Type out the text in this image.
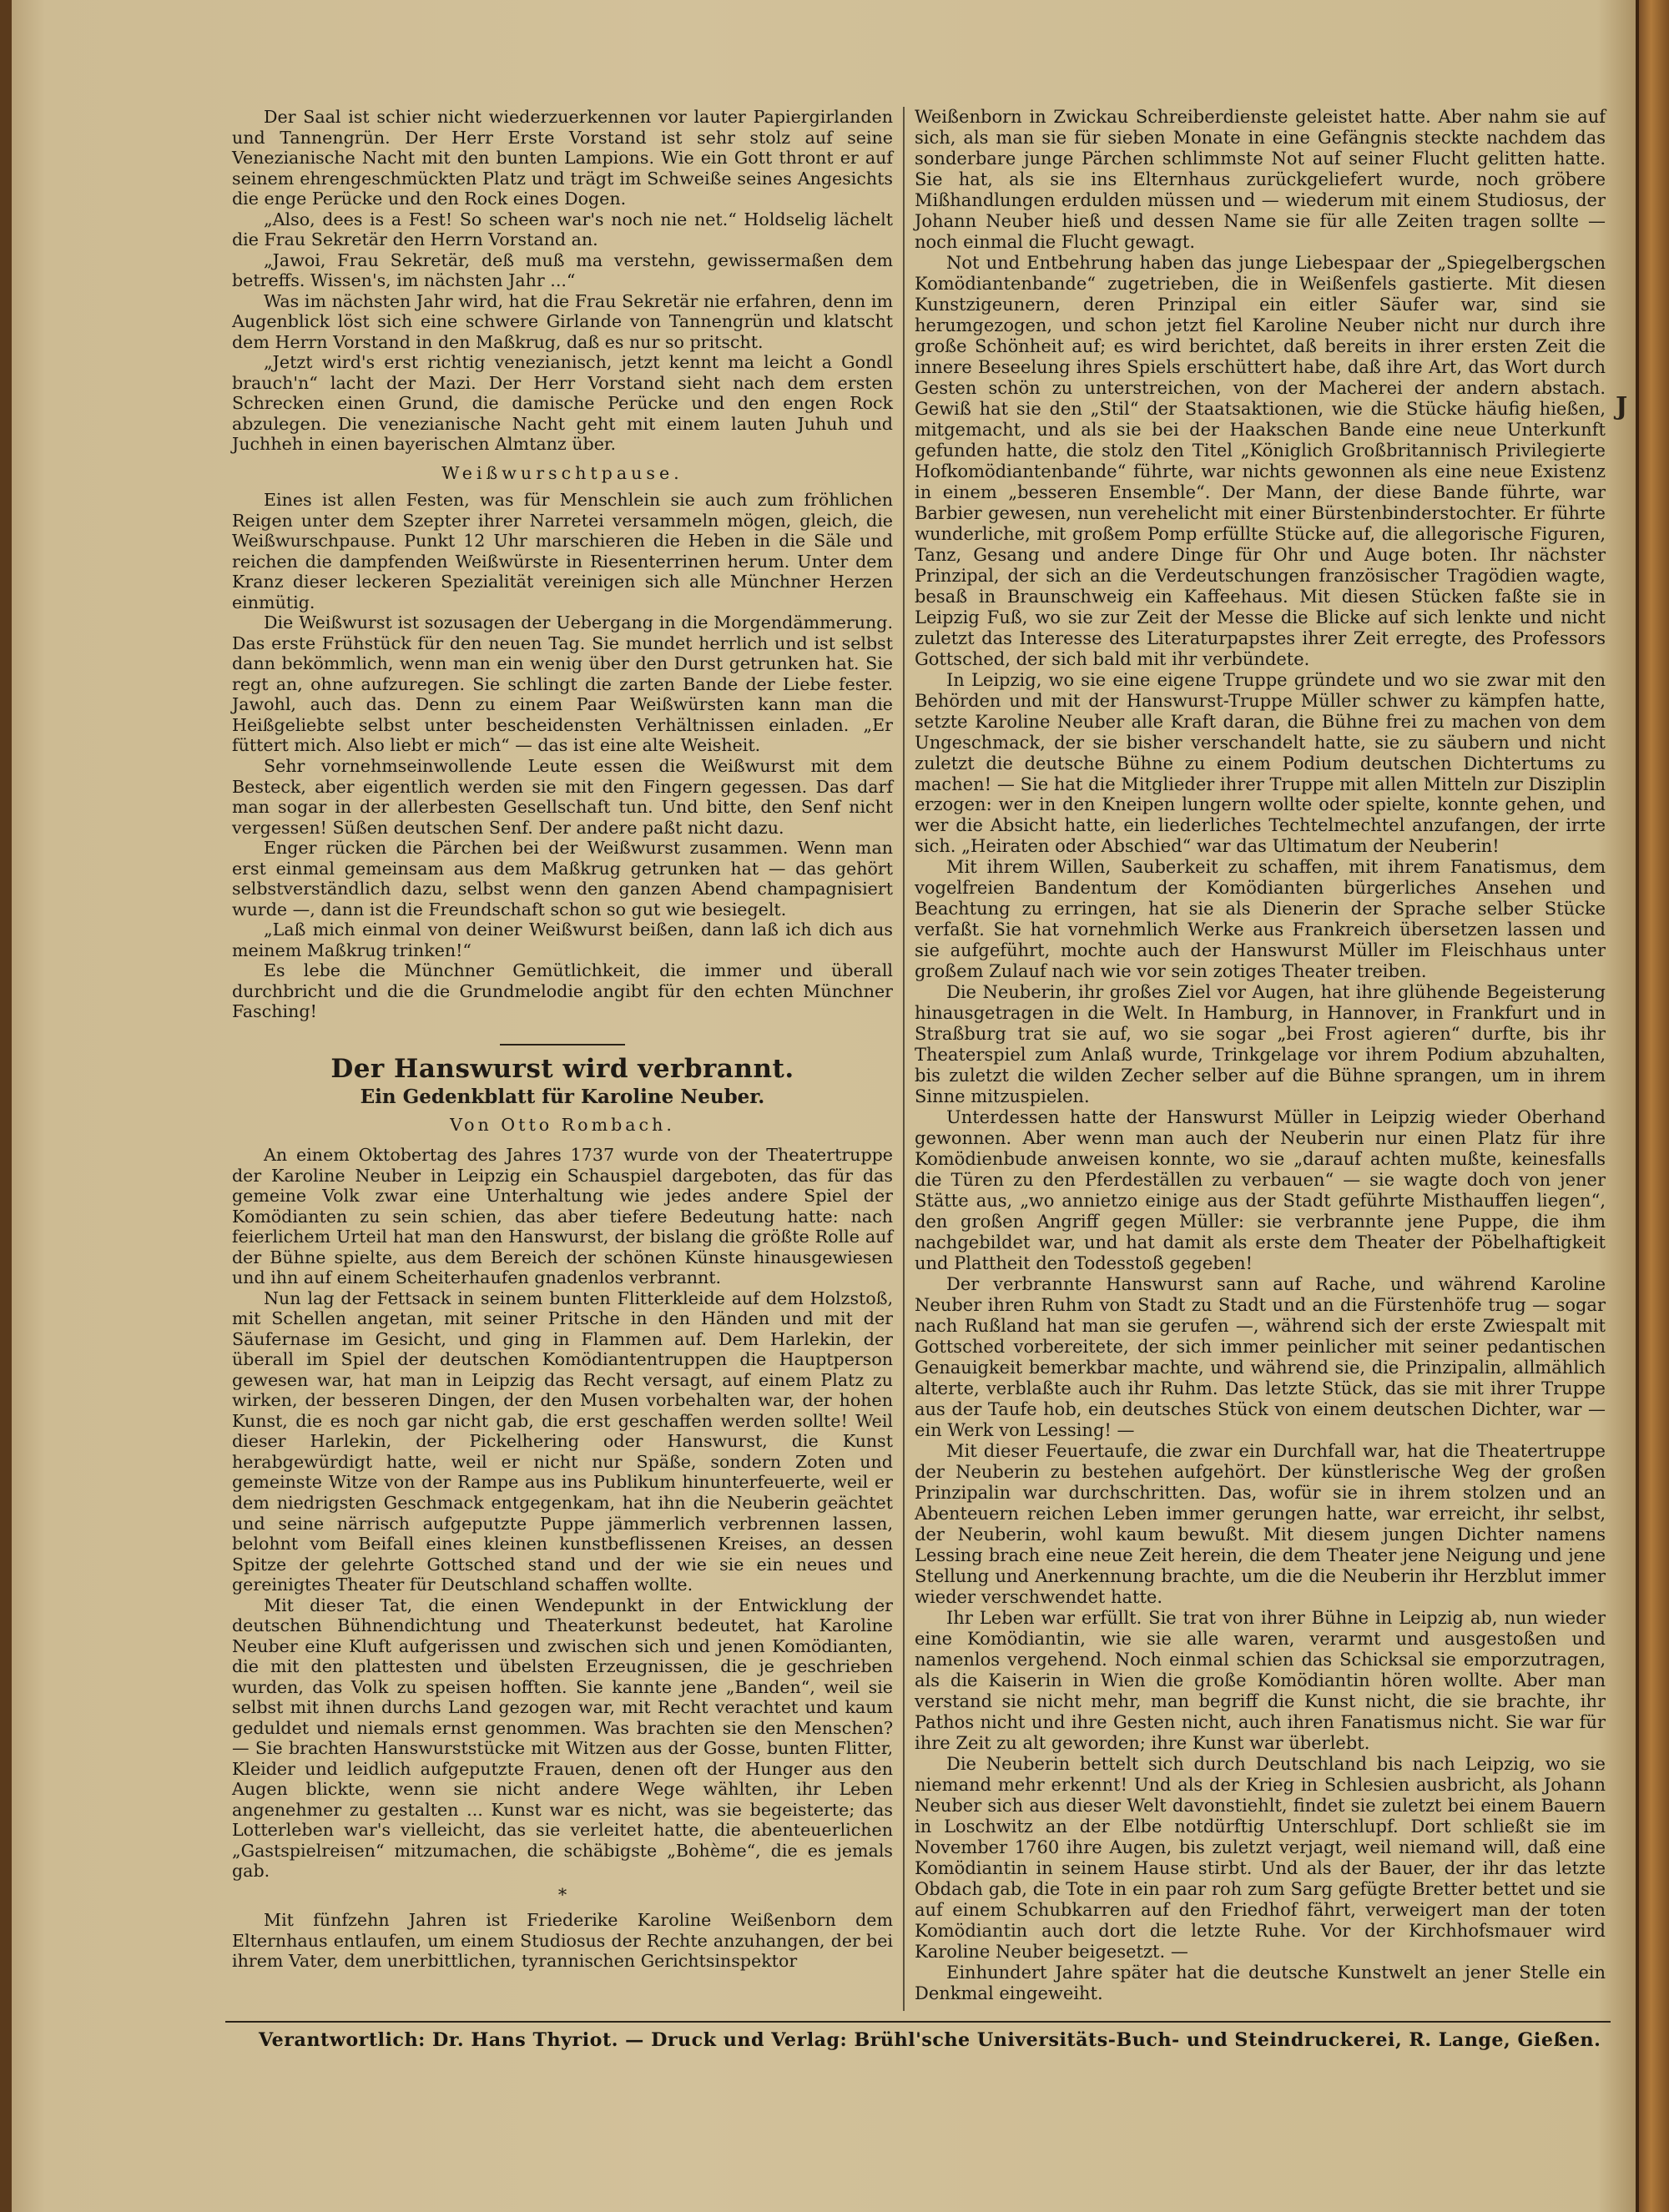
J

Der Saal ist schier nicht wiederzuerkennen vor lauter Papiergirlanden und Tannengrün. Der Herr Erste Vorstand ist sehr stolz auf seine Venezianische Nacht mit den bunten Lampions. Wie ein Gott thront er auf seinem ehrengeschmückten Platz und trägt im Schweiße seines Angesichts die enge Perücke und den Rock eines Dogen.

„Also, dees is a Fest! So scheen war's noch nie net.“ Holdselig lächelt die Frau Sekretär den Herrn Vorstand an.

„Jawoi, Frau Sekretär, deß muß ma verstehn, gewissermaßen dem betreffs. Wissen's, im nächsten Jahr ...“

Was im nächsten Jahr wird, hat die Frau Sekretär nie erfahren, denn im Augenblick löst sich eine schwere Girlande von Tannengrün und klatscht dem Herrn Vorstand in den Maßkrug, daß es nur so pritscht.

„Jetzt wird's erst richtig venezianisch, jetzt kennt ma leicht a Gondl brauch'n“ lacht der Mazi. Der Herr Vorstand sieht nach dem ersten Schrecken einen Grund, die damische Perücke und den engen Rock abzulegen. Die venezianische Nacht geht mit einem lauten Juhuh und Juchheh in einen bayerischen Almtanz über.

Weißwurschtpause.

Eines ist allen Festen, was für Menschlein sie auch zum fröhlichen Reigen unter dem Szepter ihrer Narretei versammeln mögen, gleich, die Weißwurschpause. Punkt 12 Uhr marschieren die Heben in die Säle und reichen die dampfenden Weißwürste in Riesenterrinen herum. Unter dem Kranz dieser leckeren Spezialität vereinigen sich alle Münchner Herzen einmütig.

Die Weißwurst ist sozusagen der Uebergang in die Morgendämmerung. Das erste Frühstück für den neuen Tag. Sie mundet herrlich und ist selbst dann bekömmlich, wenn man ein wenig über den Durst getrunken hat. Sie regt an, ohne aufzuregen. Sie schlingt die zarten Bande der Liebe fester. Jawohl, auch das. Denn zu einem Paar Weißwürsten kann man die Heißgeliebte selbst unter bescheidensten Verhältnissen einladen. „Er füttert mich. Also liebt er mich“ — das ist eine alte Weisheit.

Sehr vornehmseinwollende Leute essen die Weißwurst mit dem Besteck, aber eigentlich werden sie mit den Fingern gegessen. Das darf man sogar in der allerbesten Gesellschaft tun. Und bitte, den Senf nicht vergessen! Süßen deutschen Senf. Der andere paßt nicht dazu.

Enger rücken die Pärchen bei der Weißwurst zusammen. Wenn man erst einmal gemeinsam aus dem Maßkrug getrunken hat — das gehört selbstverständlich dazu, selbst wenn den ganzen Abend champagnisiert wurde —, dann ist die Freundschaft schon so gut wie besiegelt.

„Laß mich einmal von deiner Weißwurst beißen, dann laß ich dich aus meinem Maßkrug trinken!“

Es lebe die Münchner Gemütlichkeit, die immer und überall durchbricht und die die Grundmelodie angibt für den echten Münchner Fasching!

Der Hanswurst wird verbrannt.

Ein Gedenkblatt für Karoline Neuber.

Von Otto Rombach.

An einem Oktobertag des Jahres 1737 wurde von der Theatertruppe der Karoline Neuber in Leipzig ein Schauspiel dargeboten, das für das gemeine Volk zwar eine Unterhaltung wie jedes andere Spiel der Komödianten zu sein schien, das aber tiefere Bedeutung hatte: nach feierlichem Urteil hat man den Hanswurst, der bislang die größte Rolle auf der Bühne spielte, aus dem Bereich der schönen Künste hinausgewiesen und ihn auf einem Scheiterhaufen gnadenlos verbrannt.

Nun lag der Fettsack in seinem bunten Flitterkleide auf dem Holzstoß, mit Schellen angetan, mit seiner Pritsche in den Händen und mit der Säufernase im Gesicht, und ging in Flammen auf. Dem Harlekin, der überall im Spiel der deutschen Komödiantentruppen die Hauptperson gewesen war, hat man in Leipzig das Recht versagt, auf einem Platz zu wirken, der besseren Dingen, der den Musen vorbehalten war, der hohen Kunst, die es noch gar nicht gab, die erst geschaffen werden sollte! Weil dieser Harlekin, der Pickelhering oder Hanswurst, die Kunst herabgewürdigt hatte, weil er nicht nur Späße, sondern Zoten und gemeinste Witze von der Rampe aus ins Publikum hinunterfeuerte, weil er dem niedrigsten Geschmack entgegenkam, hat ihn die Neuberin geächtet und seine närrisch aufgeputzte Puppe jämmerlich verbrennen lassen, belohnt vom Beifall eines kleinen kunstbeflissenen Kreises, an dessen Spitze der gelehrte Gottsched stand und der wie sie ein neues und gereinigtes Theater für Deutschland schaffen wollte.

Mit dieser Tat, die einen Wendepunkt in der Entwicklung der deutschen Bühnendichtung und Theaterkunst bedeutet, hat Karoline Neuber eine Kluft aufgerissen und zwischen sich und jenen Komödianten, die mit den plattesten und übelsten Erzeugnissen, die je geschrieben wurden, das Volk zu speisen hofften. Sie kannte jene „Banden“, weil sie selbst mit ihnen durchs Land gezogen war, mit Recht verachtet und kaum geduldet und niemals ernst genommen. Was brachten sie den Menschen? — Sie brachten Hanswurststücke mit Witzen aus der Gosse, bunten Flitter, Kleider und leidlich aufgeputzte Frauen, denen oft der Hunger aus den Augen blickte, wenn sie nicht andere Wege wählten, ihr Leben angenehmer zu gestalten ... Kunst war es nicht, was sie begeisterte; das Lotterleben war's vielleicht, das sie verleitet hatte, die abenteuerlichen „Gastspielreisen“ mitzumachen, die schäbigste „Bohème“, die es jemals gab.

*

Mit fünfzehn Jahren ist Friederike Karoline Weißenborn dem Elternhaus entlaufen, um einem Studiosus der Rechte anzuhangen, der bei ihrem Vater, dem unerbittlichen, tyrannischen Gerichtsinspektor

Weißenborn in Zwickau Schreiberdienste geleistet hatte. Aber nahm sie auf sich, als man sie für sieben Monate in eine Gefängnis steckte nachdem das sonderbare junge Pärchen schlimmste Not auf seiner Flucht gelitten hatte. Sie hat, als sie ins Elternhaus zurückgeliefert wurde, noch gröbere Mißhandlungen erdulden müssen und — wiederum mit einem Studiosus, der Johann Neuber hieß und dessen Name sie für alle Zeiten tragen sollte — noch einmal die Flucht gewagt.

Not und Entbehrung haben das junge Liebespaar der „Spiegelbergschen Komödiantenbande“ zugetrieben, die in Weißenfels gastierte. Mit diesen Kunstzigeunern, deren Prinzipal ein eitler Säufer war, sind sie herumgezogen, und schon jetzt fiel Karoline Neuber nicht nur durch ihre große Schönheit auf; es wird berichtet, daß bereits in ihrer ersten Zeit die innere Beseelung ihres Spiels erschüttert habe, daß ihre Art, das Wort durch Gesten schön zu unterstreichen, von der Macherei der andern abstach. Gewiß hat sie den „Stil“ der Staatsaktionen, wie die Stücke häufig hießen, mitgemacht, und als sie bei der Haakschen Bande eine neue Unterkunft gefunden hatte, die stolz den Titel „Königlich Großbritannisch Privilegierte Hofkomödiantenbande“ führte, war nichts gewonnen als eine neue Existenz in einem „besseren Ensemble“. Der Mann, der diese Bande führte, war Barbier gewesen, nun verehelicht mit einer Bürstenbinderstochter. Er führte wunderliche, mit großem Pomp erfüllte Stücke auf, die allegorische Figuren, Tanz, Gesang und andere Dinge für Ohr und Auge boten. Ihr nächster Prinzipal, der sich an die Verdeutschungen französischer Tragödien wagte, besaß in Braunschweig ein Kaffeehaus. Mit diesen Stücken faßte sie in Leipzig Fuß, wo sie zur Zeit der Messe die Blicke auf sich lenkte und nicht zuletzt das Interesse des Literaturpapstes ihrer Zeit erregte, des Professors Gottsched, der sich bald mit ihr verbündete.

In Leipzig, wo sie eine eigene Truppe gründete und wo sie zwar mit den Behörden und mit der Hanswurst-Truppe Müller schwer zu kämpfen hatte, setzte Karoline Neuber alle Kraft daran, die Bühne frei zu machen von dem Ungeschmack, der sie bisher verschandelt hatte, sie zu säubern und nicht zuletzt die deutsche Bühne zu einem Podium deutschen Dichtertums zu machen! — Sie hat die Mitglieder ihrer Truppe mit allen Mitteln zur Disziplin erzogen: wer in den Kneipen lungern wollte oder spielte, konnte gehen, und wer die Absicht hatte, ein liederliches Techtelmechtel anzufangen, der irrte sich. „Heiraten oder Abschied“ war das Ultimatum der Neuberin!

Mit ihrem Willen, Sauberkeit zu schaffen, mit ihrem Fanatismus, dem vogelfreien Bandentum der Komödianten bürgerliches Ansehen und Beachtung zu erringen, hat sie als Dienerin der Sprache selber Stücke verfaßt. Sie hat vornehmlich Werke aus Frankreich übersetzen lassen und sie aufgeführt, mochte auch der Hanswurst Müller im Fleischhaus unter großem Zulauf nach wie vor sein zotiges Theater treiben.

Die Neuberin, ihr großes Ziel vor Augen, hat ihre glühende Begeisterung hinausgetragen in die Welt. In Hamburg, in Hannover, in Frankfurt und in Straßburg trat sie auf, wo sie sogar „bei Frost agieren“ durfte, bis ihr Theaterspiel zum Anlaß wurde, Trinkgelage vor ihrem Podium abzuhalten, bis zuletzt die wilden Zecher selber auf die Bühne sprangen, um in ihrem Sinne mitzuspielen.

Unterdessen hatte der Hanswurst Müller in Leipzig wieder Oberhand gewonnen. Aber wenn man auch der Neuberin nur einen Platz für ihre Komödienbude anweisen konnte, wo sie „darauf achten mußte, keinesfalls die Türen zu den Pferdeställen zu verbauen“ — sie wagte doch von jener Stätte aus, „wo annietzo einige aus der Stadt geführte Misthauffen liegen“, den großen Angriff gegen Müller: sie verbrannte jene Puppe, die ihm nachgebildet war, und hat damit als erste dem Theater der Pöbelhaftigkeit und Plattheit den Todesstoß gegeben!

Der verbrannte Hanswurst sann auf Rache, und während Karoline Neuber ihren Ruhm von Stadt zu Stadt und an die Fürstenhöfe trug — sogar nach Rußland hat man sie gerufen —, während sich der erste Zwiespalt mit Gottsched vorbereitete, der sich immer peinlicher mit seiner pedantischen Genauigkeit bemerkbar machte, und während sie, die Prinzipalin, allmählich alterte, verblaßte auch ihr Ruhm. Das letzte Stück, das sie mit ihrer Truppe aus der Taufe hob, ein deutsches Stück von einem deutschen Dichter, war — ein Werk von Lessing! —

Mit dieser Feuertaufe, die zwar ein Durchfall war, hat die Theatertruppe der Neuberin zu bestehen aufgehört. Der künstlerische Weg der großen Prinzipalin war durchschritten. Das, wofür sie in ihrem stolzen und an Abenteuern reichen Leben immer gerungen hatte, war erreicht, ihr selbst, der Neuberin, wohl kaum bewußt. Mit diesem jungen Dichter namens Lessing brach eine neue Zeit herein, die dem Theater jene Neigung und jene Stellung und Anerkennung brachte, um die die Neuberin ihr Herzblut immer wieder verschwendet hatte.

Ihr Leben war erfüllt. Sie trat von ihrer Bühne in Leipzig ab, nun wieder eine Komödiantin, wie sie alle waren, verarmt und ausgestoßen und namenlos vergehend. Noch einmal schien das Schicksal sie emporzutragen, als die Kaiserin in Wien die große Komödiantin hören wollte. Aber man verstand sie nicht mehr, man begriff die Kunst nicht, die sie brachte, ihr Pathos nicht und ihre Gesten nicht, auch ihren Fanatismus nicht. Sie war für ihre Zeit zu alt geworden; ihre Kunst war überlebt.

Die Neuberin bettelt sich durch Deutschland bis nach Leipzig, wo sie niemand mehr erkennt! Und als der Krieg in Schlesien ausbricht, als Johann Neuber sich aus dieser Welt davonstiehlt, findet sie zuletzt bei einem Bauern in Loschwitz an der Elbe notdürftig Unterschlupf. Dort schließt sie im November 1760 ihre Augen, bis zuletzt verjagt, weil niemand will, daß eine Komödiantin in seinem Hause stirbt. Und als der Bauer, der ihr das letzte Obdach gab, die Tote in ein paar roh zum Sarg gefügte Bretter bettet und sie auf einem Schubkarren auf den Friedhof fährt, verweigert man der toten Komödiantin auch dort die letzte Ruhe. Vor der Kirchhofsmauer wird Karoline Neuber beigesetzt. —

Einhundert Jahre später hat die deutsche Kunstwelt an jener Stelle ein Denkmal eingeweiht.

Verantwortlich: Dr. Hans Thyriot. — Druck und Verlag: Brühl'sche Universitäts-Buch- und Steindruckerei, R. Lange, Gießen.
